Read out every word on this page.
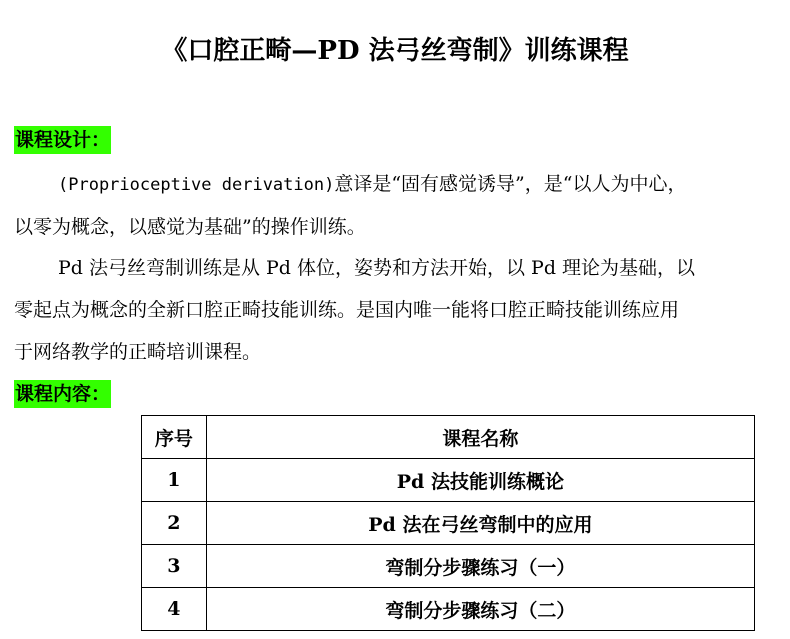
《口腔正畸—PD 法弓丝弯制》训练课程
课程设计：

(Proprioceptive derivation)意译是“固有感觉诱导”，是“以人为中心，
以零为概念，以感觉为基础”的操作训练。

Pd 法弓丝弯制训练是从 Pd 体位，姿势和方法开始，以 Pd 理论为基础，以
零起点为概念的全新口腔正畸技能训练。是国内唯一能将口腔正畸技能训练应用
于网络教学的正畸培训课程。

课程内容：
序号	课程名称
1	Pd 法技能训练概论
2	Pd 法在弓丝弯制中的应用
3	弯制分步骤练习（一）
4	弯制分步骤练习（二）
